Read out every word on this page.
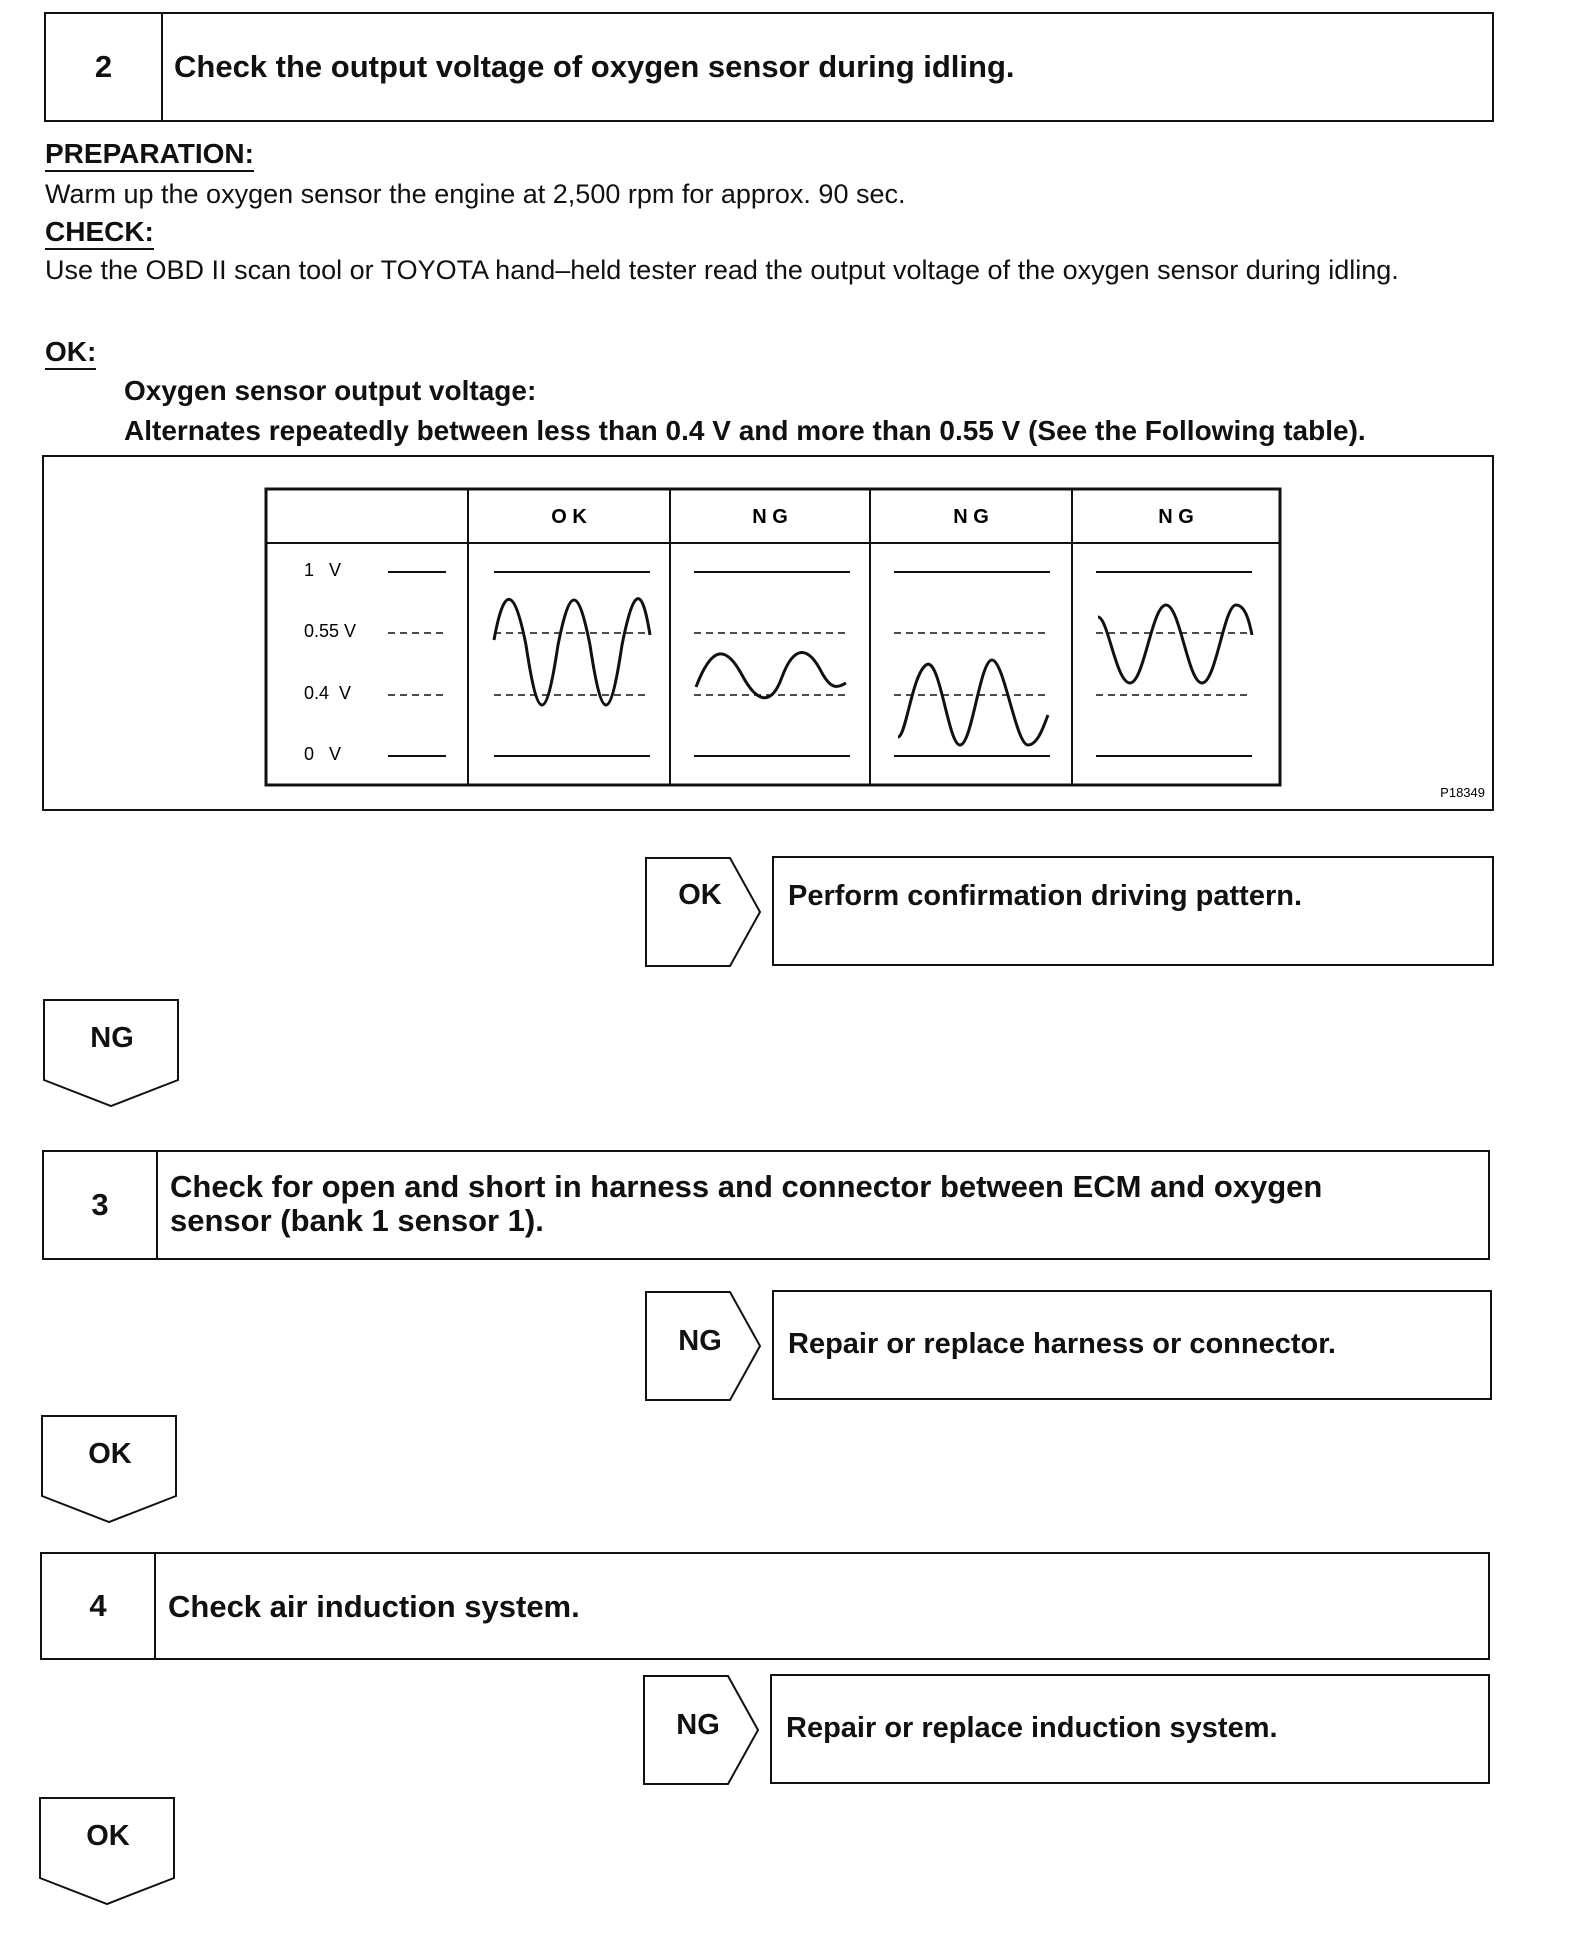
2	Check the output voltage of oxygen sensor during idling.
PREPARATION:
Warm up the oxygen sensor the engine at 2,500 rpm for approx. 90 sec.
CHECK:
Use the OBD II scan tool or TOYOTA hand–held tester read the output voltage of the oxygen sensor during idling.
OK:
Oxygen sensor output voltage:
Alternates repeatedly between less than 0.4 V and more than 0.55 V (See the Following table).
O K	N G	N G	N G
1   V
0.55 V
0.4  V
0   V
P18349
OK	Perform confirmation driving pattern.
NG
3
Check for open and short in harness and connector between ECM and oxygen
sensor (bank 1 sensor 1).
NG	Repair or replace harness or connector.
OK
4	Check air induction system.
NG	Repair or replace induction system.
OK
